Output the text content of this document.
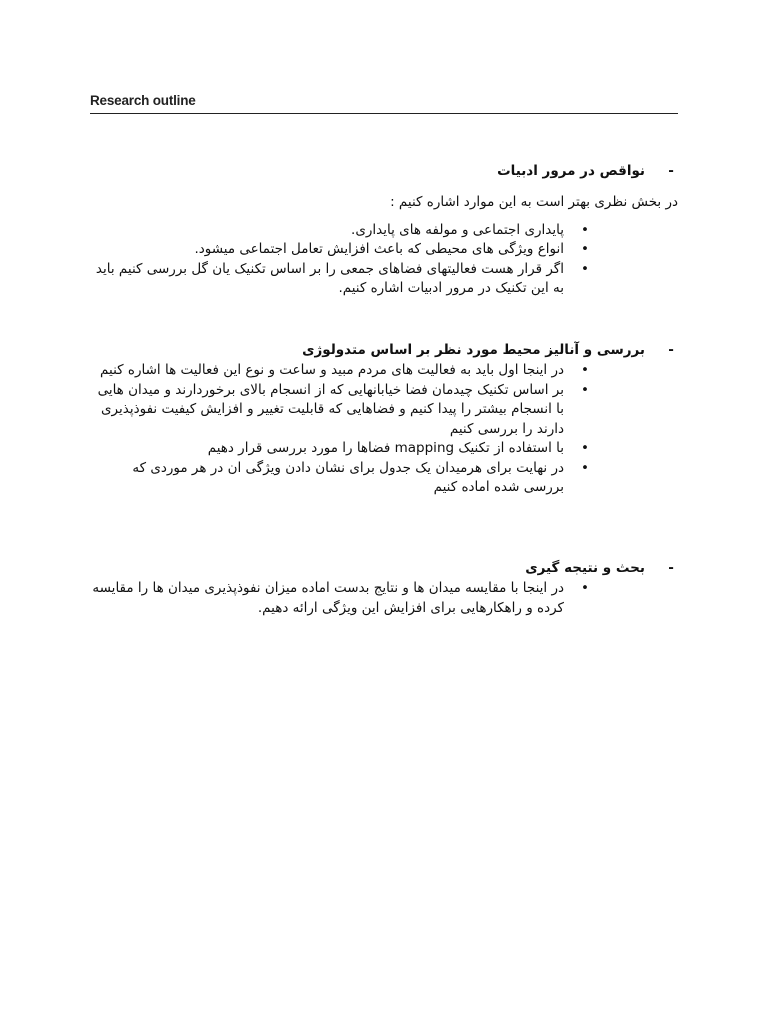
Research outline
-
نواقص در مرور ادبیات

در بخش نظری بهتر است به این موارد اشاره کنیم :

•
پایداری اجتماعی و مولفه های پایداری.
•
انواع ویژگی های محیطی که باعث افزایش تعامل اجتماعی میشود.
•
اگر قرار هست فعالیتهای فضاهای جمعی را بر اساس تکنیک یان گل بررسی کنیم باید به این تکنیک در مرور ادبیات اشاره کنیم.
-
بررسی و آنالیز محیط مورد نظر بر اساس متدولوژی
•
در اینجا اول باید به فعالیت های مردم مبید و ساعت و نوع این فعالیت ها اشاره کنیم
•
بر اساس تکنیک چیدمان فضا خیابانهایی که از انسجام بالای برخوردارند و میدان هایی با انسجام بیشتر را پیدا کنیم و فضاهایی که قابلیت تغییر و افزایش کیفیت نفوذپذیری دارند را بررسی کنیم
•
با استفاده از تکنیک mapping فضاها را مورد بررسی قرار دهیم
•
در نهایت برای هرمیدان یک جدول برای نشان دادن ویژگی ان در هر موردی که بررسی شده اماده کنیم
-
بحث و نتیجه گیری
•
در اینجا با مقایسه میدان ها و نتایج بدست اماده میزان نفوذپذیری میدان ها را مقایسه کرده و راهکارهایی برای افزایش این ویژگی ارائه دهیم.
